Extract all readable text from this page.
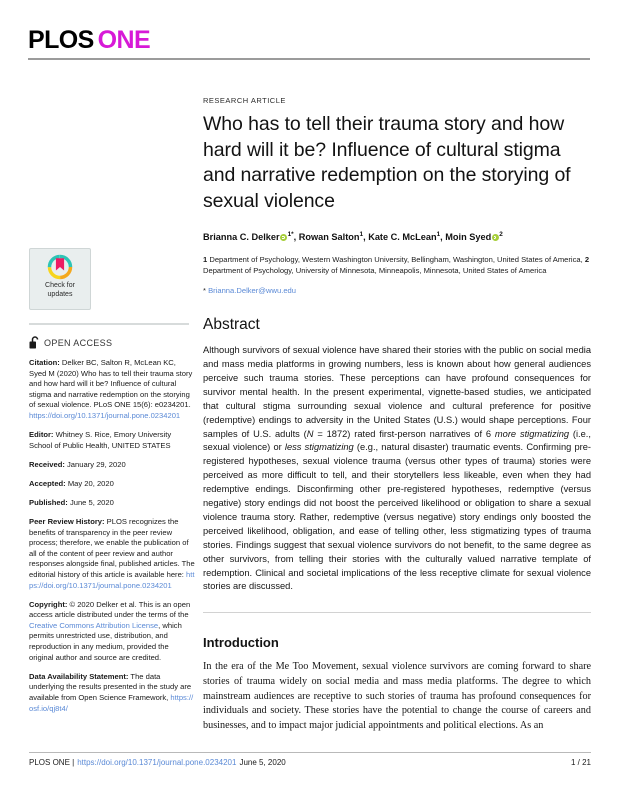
PLOS ONE
Check for
updates
OPEN ACCESS
Citation: Delker BC, Salton R, McLean KC, Syed M (2020) Who has to tell their trauma story and how hard will it be? Influence of cultural stigma and narrative redemption on the storying of sexual violence. PLoS ONE 15(6): e0234201. https://doi.org/10.1371/journal.pone.0234201
Editor: Whitney S. Rice, Emory University School of Public Health, UNITED STATES
Received: January 29, 2020
Accepted: May 20, 2020
Published: June 5, 2020
Peer Review History: PLOS recognizes the benefits of transparency in the peer review process; therefore, we enable the publication of all of the content of peer review and author responses alongside final, published articles. The editorial history of this article is available here: https://doi.org/10.1371/journal.pone.0234201
Copyright: © 2020 Delker et al. This is an open access article distributed under the terms of the Creative Commons Attribution License, which permits unrestricted use, distribution, and reproduction in any medium, provided the original author and source are credited.
Data Availability Statement: The data underlying the results presented in the study are available from Open Science Framework, https://osf.io/qj8t4/
RESEARCH ARTICLE
Who has to tell their trauma story and how hard will it be? Influence of cultural stigma and narrative redemption on the storying of sexual violence
Brianna C. Delker $^{1*}$, Rowan Salton$^1$, Kate C. McLean$^1$, Moin Syed $^2$
1 Department of Psychology, Western Washington University, Bellingham, Washington, United States of America, 2 Department of Psychology, University of Minnesota, Minneapolis, Minnesota, United States of America
* Brianna.Delker@wwu.edu
Abstract

Although survivors of sexual violence have shared their stories with the public on social media and mass media platforms in growing numbers, less is known about how general audiences perceive such trauma stories. These perceptions can have profound consequences for survivor mental health. In the present experimental, vignette-based studies, we anticipated that cultural stigma surrounding sexual violence and cultural preference for positive (redemptive) endings to adversity in the United States (U.S.) would shape perceptions. Four samples of U.S. adults (N = 1872) rated first-person narratives of 6 more stigmatizing (i.e., sexual violence) or less stigmatizing (e.g., natural disaster) traumatic events. Confirming pre-registered hypotheses, sexual violence trauma (versus other types of trauma) stories were perceived as more difficult to tell, and their storytellers less likeable, even when they had redemptive endings. Disconfirming other pre-registered hypotheses, redemptive (versus negative) story endings did not boost the perceived likelihood or obligation to share a sexual violence trauma story. Rather, redemptive (versus negative) story endings only boosted the perceived likelihood, obligation, and ease of telling other, less stigmatizing types of trauma stories. Findings suggest that sexual violence survivors do not benefit, to the same degree as other survivors, from telling their stories with the culturally valued narrative template of redemption. Clinical and societal implications of the less receptive climate for sexual violence stories are discussed.

Introduction

In the era of the Me Too Movement, sexual violence survivors are coming forward to share stories of trauma widely on social media and mass media platforms. The degree to which mainstream audiences are receptive to such stories of trauma has profound consequences for individuals and society. These stories have the potential to change the course of careers and businesses, and to impact major judicial appointments and political elections. As an

PLOS ONE | https://doi.org/10.1371/journal.pone.0234201 June 5, 2020	1 / 21
